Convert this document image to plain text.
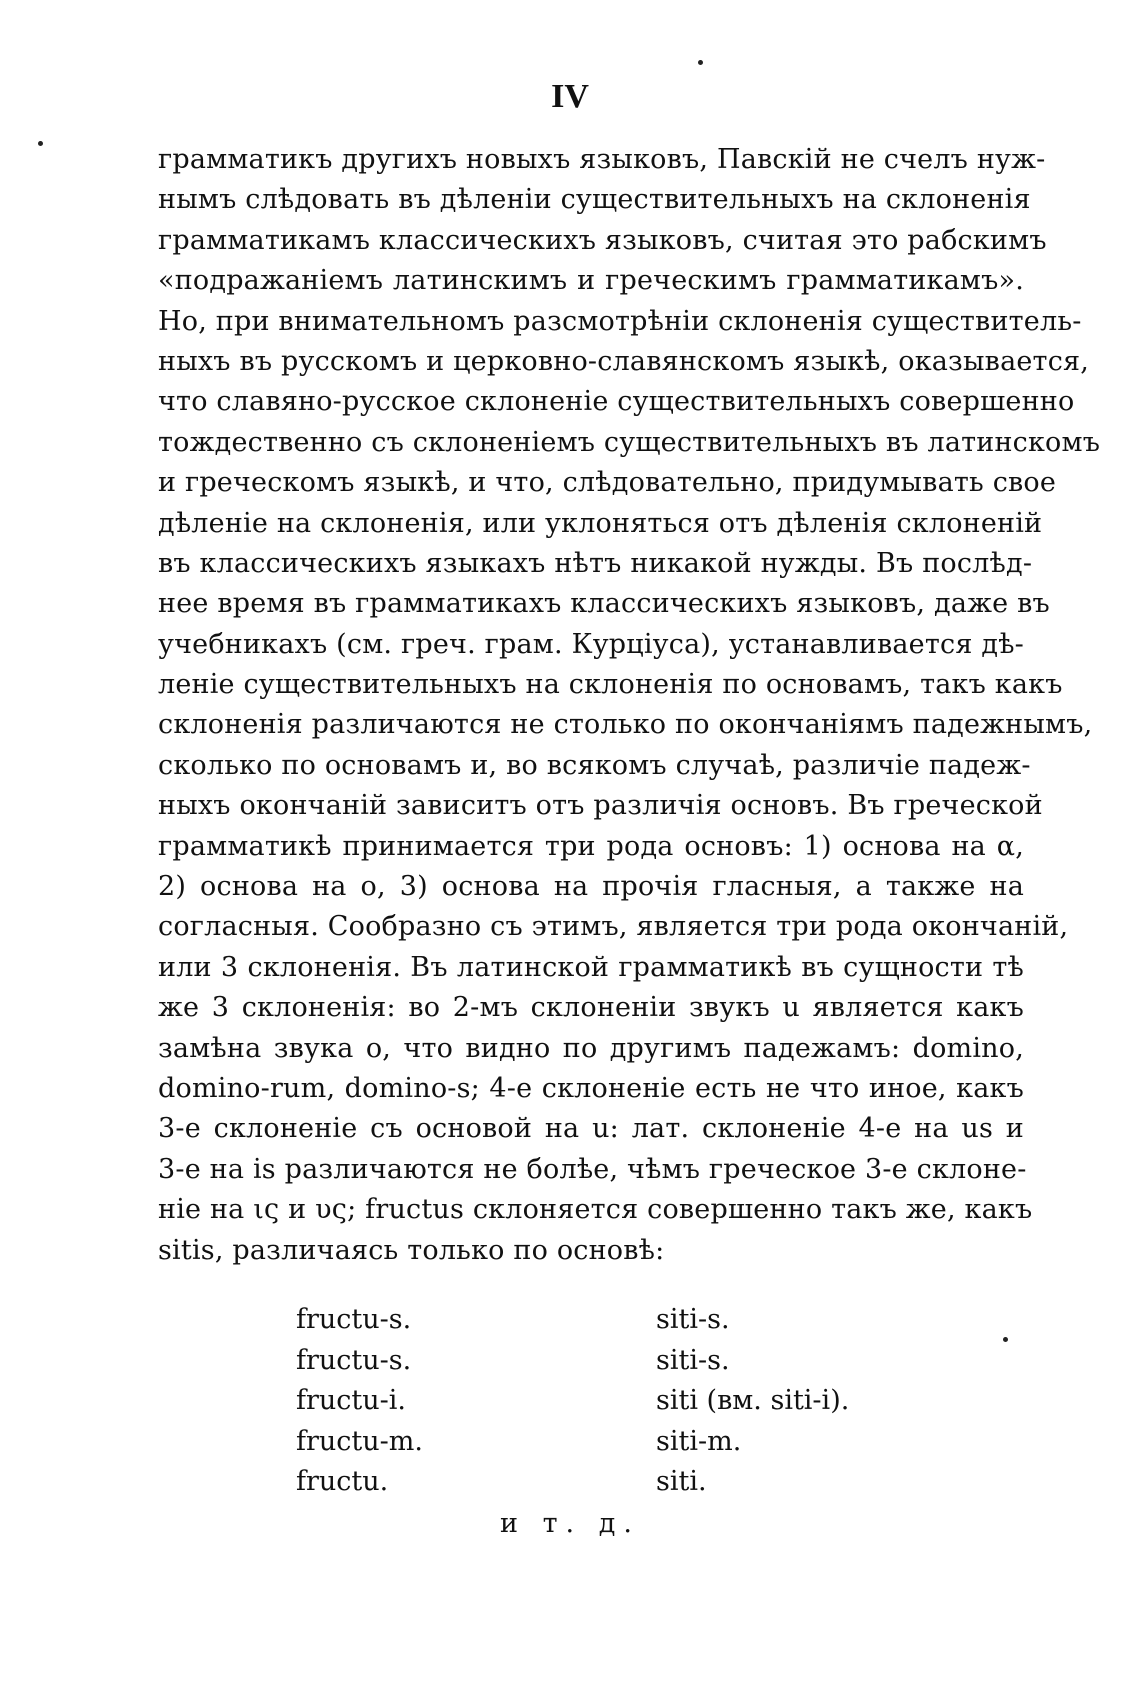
IV
грамматикъ другихъ новыхъ языковъ, Павскій не счелъ нуж-
нымъ слѣдовать въ дѣленіи существительныхъ на склоненія
грамматикамъ классическихъ языковъ, считая это рабскимъ
«подражаніемъ латинскимъ и греческимъ грамматикамъ».
Но, при внимательномъ разсмотрѣніи склоненія существитель-
ныхъ въ русскомъ и церковно-славянскомъ языкѣ, оказывается,
что славяно-русское склоненіе существительныхъ совершенно
тождественно съ склоненіемъ существительныхъ въ латинскомъ
и греческомъ языкѣ, и что, слѣдовательно, придумывать свое
дѣленіе на склоненія, или уклоняться отъ дѣленія склоненій
въ классическихъ языкахъ нѣтъ никакой нужды. Въ послѣд-
нее время въ грамматикахъ классическихъ языковъ, даже въ
учебникахъ (см. греч. грам. Курціуса), устанавливается дѣ-
леніе существительныхъ на склоненія по основамъ, такъ какъ
склоненія различаются не столько по окончаніямъ падежнымъ,
сколько по основамъ и, во всякомъ случаѣ, различіе падеж-
ныхъ окончаній зависитъ отъ различія основъ. Въ греческой
грамматикѣ принимается три рода основъ: 1) основа на α,
2) основа на ο, 3) основа на прочія гласныя, а также на
согласныя. Сообразно съ этимъ, является три рода окончаній,
или 3 склоненія. Въ латинской грамматикѣ въ сущности тѣ
же 3 склоненія: во 2-мъ склоненіи звукъ u является какъ
замѣна звука o, что видно по другимъ падежамъ: domino,
domino-rum, domino-s; 4-е склоненіе есть не что иное, какъ
3-е склоненіе съ основой на u: лат. склоненіе 4-е на us и
3-е на is различаются не болѣе, чѣмъ греческое 3-е склоне-
ніе на ις и υς; fructus склоняется совершенно такъ же, какъ
sitis, различаясь только по основѣ:
fructu-s.	siti-s.
fructu-s.	siti-s.
fructu-i.	siti (вм. siti-i).
fructu-m.	siti-m.
fructu.	siti.
и т. д.
